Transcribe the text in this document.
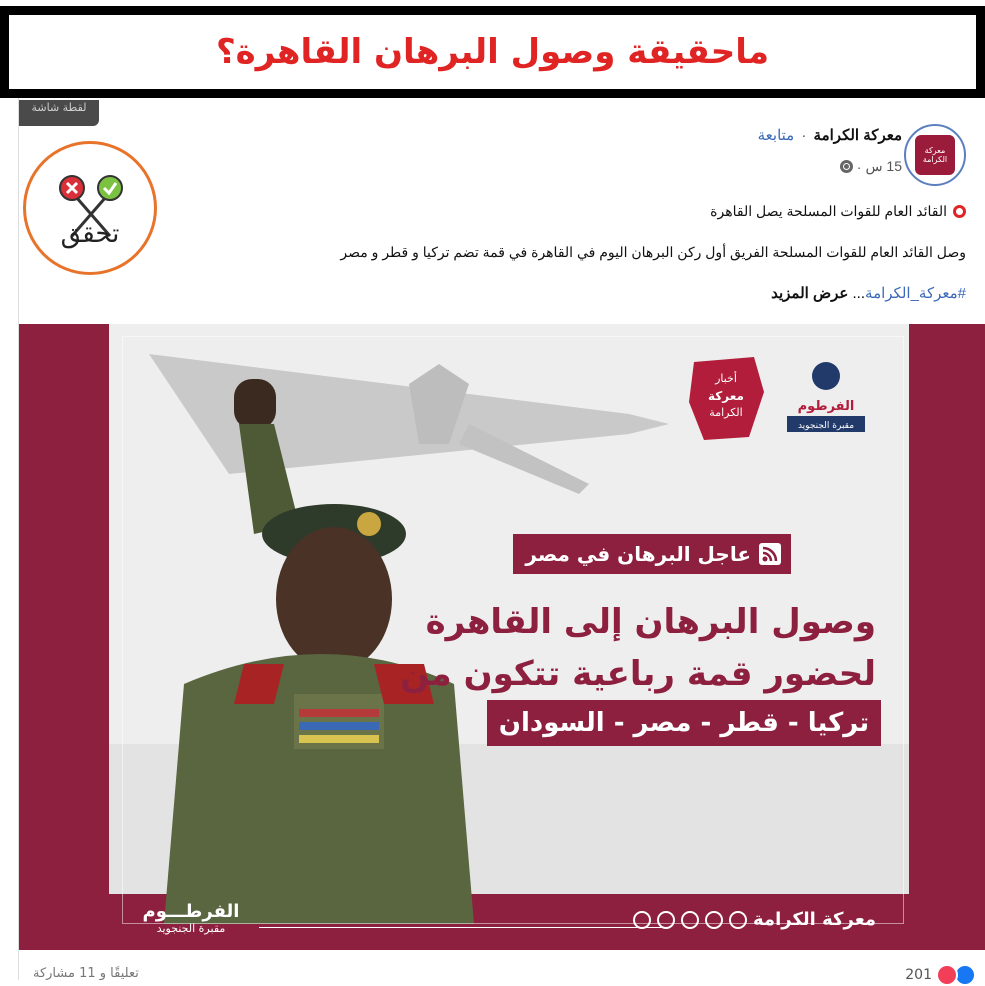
ماحقيقة وصول البرهان القاهرة؟
لقطة شاشة
تحقق
معركة الكرامة
معركة الكرامة · متابعة
15 س
·
القائد العام للقوات المسلحة يصل القاهرة
وصل القائد العام للقوات المسلحة الفريق أول ركن البرهان اليوم في القاهرة في قمة تضم تركيا و قطر و مصر
#معركة_الكرامة... عرض المزيد
أخبار
معركة
الكرامة	الفرطوم
مقبرة الجنجويد
عاجل البرهان في مصر
وصول البرهان إلى القاهرة
لحضور قمة رباعية تتكون من
تركيا - قطر - مصر - السودان
معركة الكرامة
الفرطـــوم
مقبرة الجنجويد
201
تعليقًا و 11 مشاركة
